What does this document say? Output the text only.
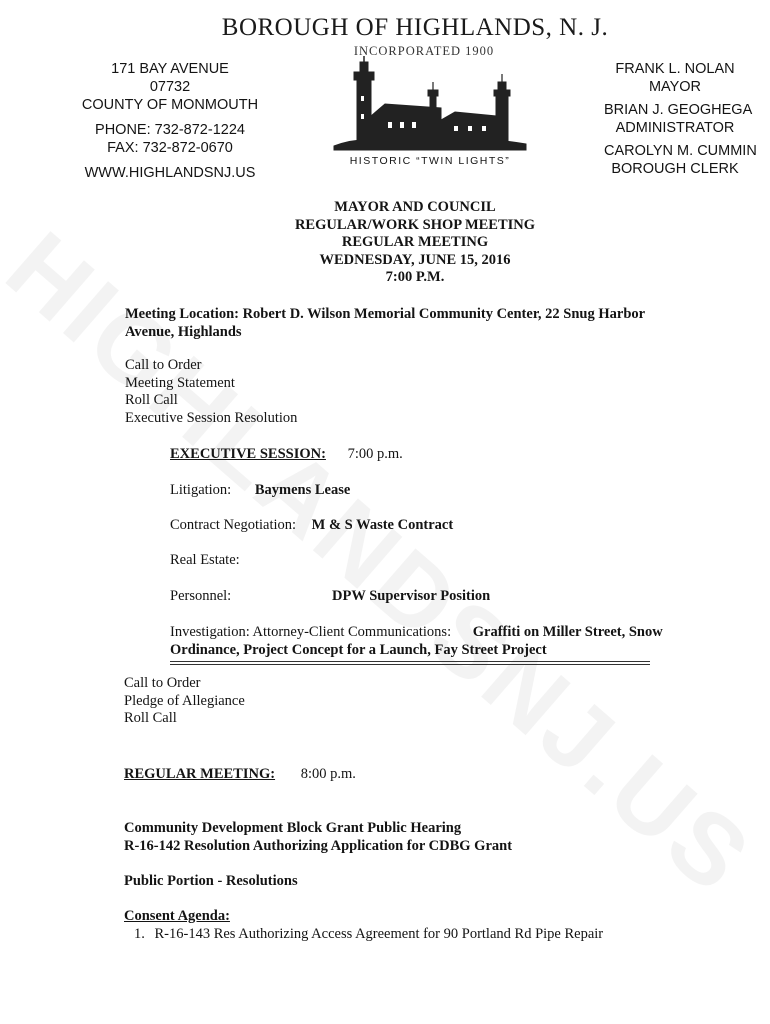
BOROUGH OF HIGHLANDS, N. J.
INCORPORATED 1900
171 BAY AVENUE
07732
COUNTY OF MONMOUTH
PHONE: 732-872-1224
FAX: 732-872-0670
WWW.HIGHLANDSNJ.US
FRANK L. NOLAN
MAYOR
BRIAN J. GEOGHEGA
ADMINISTRATOR
CAROLYN M. CUMMIN
BOROUGH CLERK
HISTORIC “TWIN LIGHTS”
MAYOR AND COUNCIL
REGULAR/WORK SHOP MEETING
REGULAR MEETING
WEDNESDAY, JUNE 15, 2016
7:00 P.M.
Meeting Location: Robert D. Wilson Memorial Community Center, 22 Snug Harbor
Avenue, Highlands
Call to Order
Meeting Statement
Roll Call
Executive Session Resolution
EXECUTIVE SESSION: 7:00 p.m.
Litigation: Baymens Lease
Contract Negotiation: M & S Waste Contract
Real Estate:
Personnel:	DPW Supervisor Position
Investigation: Attorney-Client Communications: Graffiti on Miller Street, Snow
Ordinance, Project Concept for a Launch, Fay Street Project
Call to Order
Pledge of Allegiance
Roll Call
REGULAR MEETING: 8:00 p.m.
Community Development Block Grant Public Hearing
R-16-142 Resolution Authorizing Application for CDBG Grant
Public Portion - Resolutions
Consent Agenda:
1. R-16-143 Res Authorizing Access Agreement for 90 Portland Rd Pipe Repair
